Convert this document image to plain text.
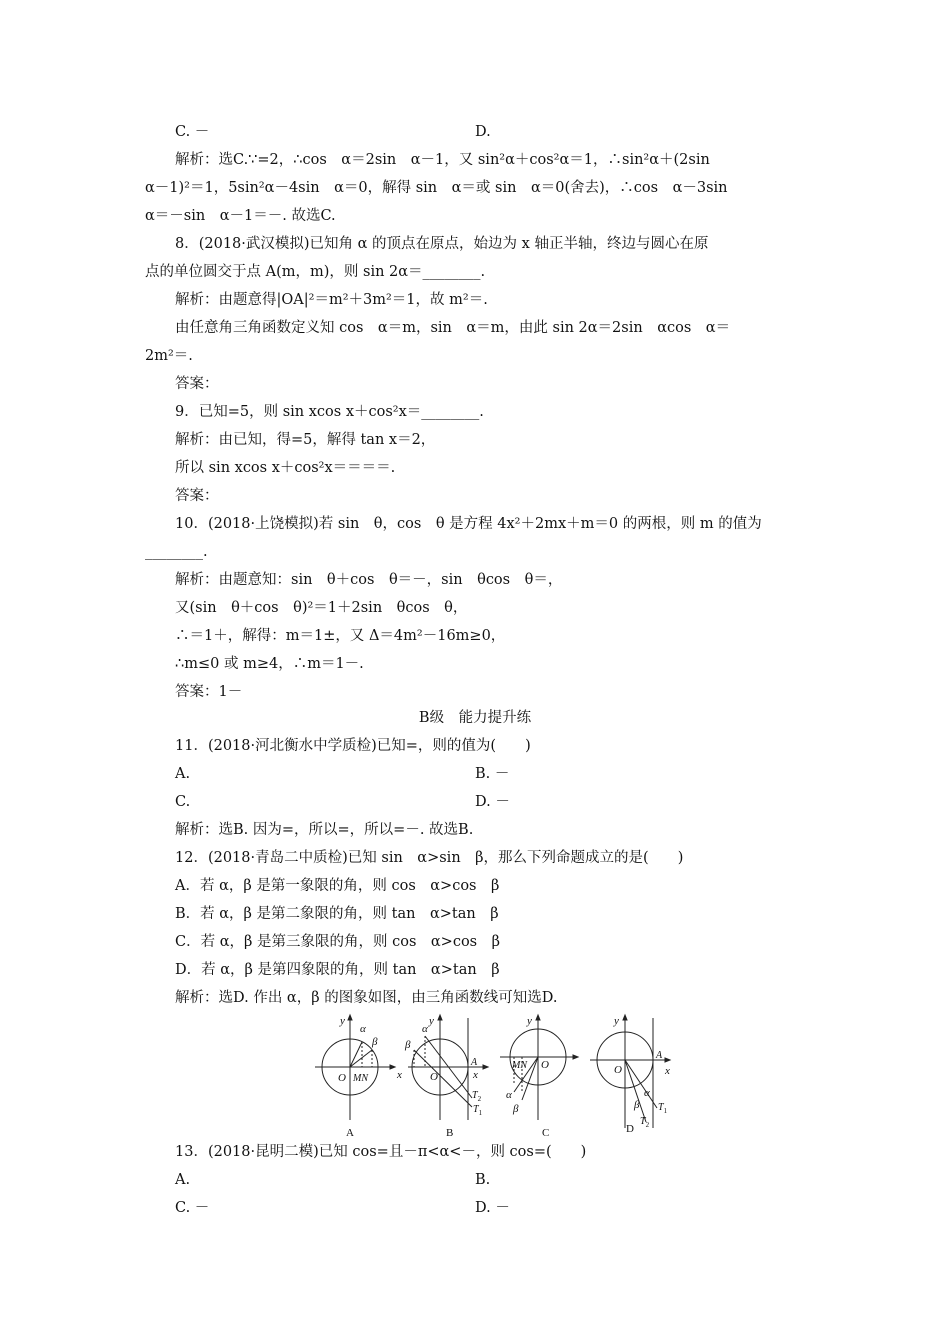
C. －	D.
解析：选C.∵=2，∴cos　α＝2sin　α－1，又 sin²α＋cos²α＝1，∴sin²α＋(2sin
α－1)²＝1，5sin²α－4sin　α＝0，解得 sin　α＝或 sin　α＝0(舍去)，∴cos　α－3sin
α＝－sin　α－1＝－. 故选C.
8．(2018·武汉模拟)已知角 α 的顶点在原点，始边为 x 轴正半轴，终边与圆心在原
点的单位圆交于点 A(m，m)，则 sin 2α＝________.
解析：由题意得|OA|²＝m²＋3m²＝1，故 m²＝.
由任意角三角函数定义知 cos　α＝m，sin　α＝m，由此 sin 2α＝2sin　αcos　α＝
2m²＝.
答案：
9．已知=5，则 sin xcos x＋cos²x＝________.
解析：由已知，得=5，解得 tan x＝2，
所以 sin xcos x＋cos²x＝＝＝＝.
答案：
10．(2018·上饶模拟)若 sin　θ，cos　θ 是方程 4x²＋2mx＋m＝0 的两根，则 m 的值为
________.
解析：由题意知：sin　θ＋cos　θ＝－，sin　θcos　θ＝，
又(sin　θ＋cos　θ)²＝1＋2sin　θcos　θ，
∴＝1＋，解得：m＝1±，又 Δ＝4m²－16m≥0，
∴m≤0 或 m≥4，∴m＝1－.
答案：1－
B级　能力提升练
11．(2018·河北衡水中学质检)已知=，则的值为(　　)
A.	B. －
C.	D. －
解析：选B. 因为=，所以=，所以=－. 故选B.
12．(2018·青岛二中质检)已知 sin　α>sin　β，那么下列命题成立的是(　　)
A．若 α，β 是第一象限的角，则 cos　α>cos　β
B．若 α，β 是第二象限的角，则 tan　α>tan　β
C．若 α，β 是第三象限的角，则 cos　α>cos　β
D．若 α，β 是第四象限的角，则 tan　α>tan　β
解析：选D. 作出 α，β 的图象如图，由三角函数线可知选D.
y
x
O MN
α
β
A
y
x
O
A
α
β
$T_2$
$T_1$
B
y
O
MN
α
β
C
y
x
O
A
α
β $T_1$
$T_2$
D
13．(2018·昆明二模)已知 cos=且－π<α<－，则 cos=(　　)
A.	B.
C. －	D. －
